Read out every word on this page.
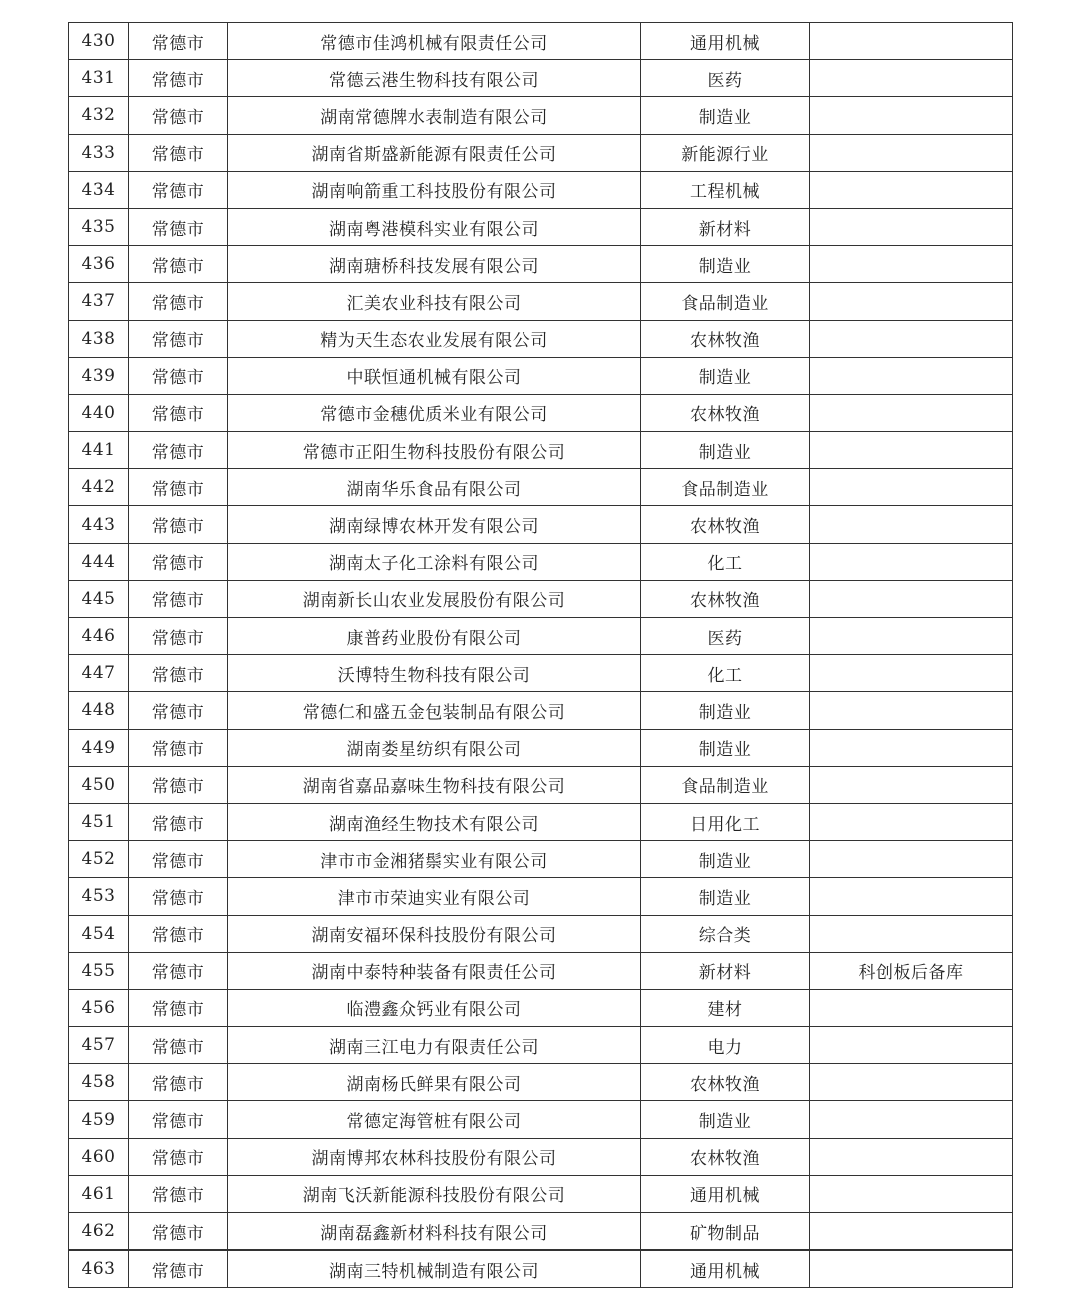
430	常德市	常德市佳鸿机械有限责任公司	通用机械	
431	常德市	常德云港生物科技有限公司	医药	
432	常德市	湖南常德牌水表制造有限公司	制造业	
433	常德市	湖南省斯盛新能源有限责任公司	新能源行业	
434	常德市	湖南响箭重工科技股份有限公司	工程机械	
435	常德市	湖南粤港模科实业有限公司	新材料	
436	常德市	湖南瑭桥科技发展有限公司	制造业	
437	常德市	汇美农业科技有限公司	食品制造业	
438	常德市	精为天生态农业发展有限公司	农林牧渔	
439	常德市	中联恒通机械有限公司	制造业	
440	常德市	常德市金穗优质米业有限公司	农林牧渔	
441	常德市	常德市正阳生物科技股份有限公司	制造业	
442	常德市	湖南华乐食品有限公司	食品制造业	
443	常德市	湖南绿博农林开发有限公司	农林牧渔	
444	常德市	湖南太子化工涂料有限公司	化工	
445	常德市	湖南新长山农业发展股份有限公司	农林牧渔	
446	常德市	康普药业股份有限公司	医药	
447	常德市	沃博特生物科技有限公司	化工	
448	常德市	常德仁和盛五金包装制品有限公司	制造业	
449	常德市	湖南娄星纺织有限公司	制造业	
450	常德市	湖南省嘉品嘉味生物科技有限公司	食品制造业	
451	常德市	湖南渔经生物技术有限公司	日用化工	
452	常德市	津市市金湘猪鬃实业有限公司	制造业	
453	常德市	津市市荣迪实业有限公司	制造业	
454	常德市	湖南安福环保科技股份有限公司	综合类	
455	常德市	湖南中泰特种装备有限责任公司	新材料	科创板后备库
456	常德市	临澧鑫众钙业有限公司	建材	
457	常德市	湖南三江电力有限责任公司	电力	
458	常德市	湖南杨氏鲜果有限公司	农林牧渔	
459	常德市	常德定海管桩有限公司	制造业	
460	常德市	湖南博邦农林科技股份有限公司	农林牧渔	
461	常德市	湖南飞沃新能源科技股份有限公司	通用机械	
462	常德市	湖南磊鑫新材料科技有限公司	矿物制品	
463	常德市	湖南三特机械制造有限公司	通用机械	
